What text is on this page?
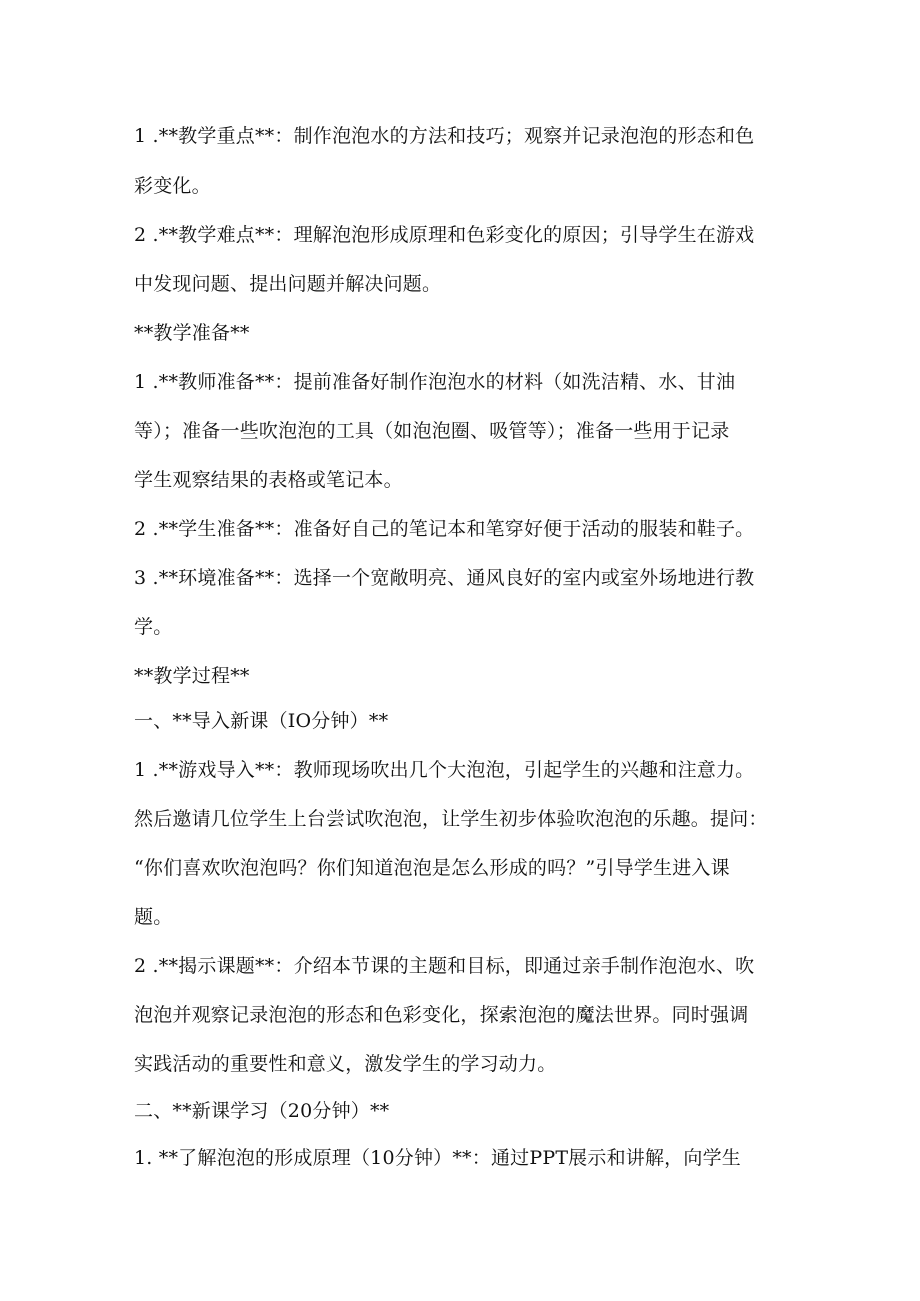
1 .**教学重点**：制作泡泡水的方法和技巧；观察并记录泡泡的形态和色
彩变化。
2 .**教学难点**：理解泡泡形成原理和色彩变化的原因；引导学生在游戏
中发现问题、提出问题并解决问题。
**教学准备**
1 .**教师准备**：提前准备好制作泡泡水的材料（如洗洁精、水、甘油
等）；准备一些吹泡泡的工具（如泡泡圈、吸管等）；准备一些用于记录
学生观察结果的表格或笔记本。
2 .**学生准备**：准备好自己的笔记本和笔穿好便于活动的服装和鞋子。
3 .**环境准备**：选择一个宽敞明亮、通风良好的室内或室外场地进行教
学。
**教学过程**
一、**导入新课（IO分钟）**
1 .**游戏导入**：教师现场吹出几个大泡泡，引起学生的兴趣和注意力。
然后邀请几位学生上台尝试吹泡泡，让学生初步体验吹泡泡的乐趣。提问：
“你们喜欢吹泡泡吗？你们知道泡泡是怎么形成的吗？”引导学生进入课
题。
2 .**揭示课题**：介绍本节课的主题和目标，即通过亲手制作泡泡水、吹
泡泡并观察记录泡泡的形态和色彩变化，探索泡泡的魔法世界。同时强调
实践活动的重要性和意义，激发学生的学习动力。
二、**新课学习（20分钟）**
1. **了解泡泡的形成原理（10分钟）**：通过PPT展示和讲解，向学生
